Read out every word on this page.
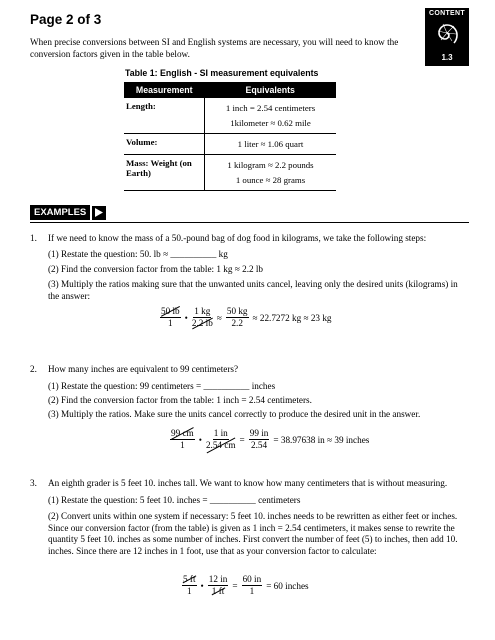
Page 2 of 3	CONTENT
1.3
When precise conversions between SI and English systems are necessary, you will need to know the conversion factors given in the table below.
Table 1: English - SI measurement equivalents
Measurement	Equivalents
Length:	1 inch = 2.54 centimeters
1kilometer ≈ 0.62 mile

Volume:	1 liter ≈ 1.06 quart

Mass: Weight (on Earth)	1 kilogram ≈ 2.2 pounds
1 ounce ≈ 28 grams
EXAMPLES
1. If we need to know the mass of a 50.-pound bag of dog food in kilograms, we take the following steps:
(1) Restate the question: 50. lb ≈ __________ kg
(2) Find the conversion factor from the table: 1 kg ≈ 2.2 lb
(3) Multiply the ratios making sure that the unwanted units cancel, leaving only the desired units (kilograms) in the answer:
$\frac{50 lb}{1}$ • $\frac{1 kg}{2.2 lb} \approx \frac{50 kg}{2.2} \approx 22.7272$ kg ≈ 23 kg
2. How many inches are equivalent to 99 centimeters?
(1) Restate the question: 99 centimeters = __________ inches
(2) Find the conversion factor from the table: 1 inch = 2.54 centimeters.
(3) Multiply the ratios. Make sure the units cancel correctly to produce the desired unit in the answer.
$\frac{99 cm}{1}$ • $\frac{1 in}{2.54 cm} = \frac{99 in}{2.54} = 38.97638$ in ≈ 39 inches
3. An eighth grader is 5 feet 10. inches tall. We want to know how many centimeters that is without measuring.
(1) Restate the question: 5 feet 10. inches = __________ centimeters
(2) Convert units within one system if necessary: 5 feet 10. inches needs to be rewritten as either feet or inches. Since our conversion factor (from the table) is given as 1 inch = 2.54 centimeters, it makes sense to rewrite the quantity 5 feet 10. inches as some number of inches. First convert the number of feet (5) to inches, then add 10. inches. Since there are 12 inches in 1 foot, use that as your conversion factor to calculate:
$\frac{5 ft}{1}$ • $\frac{12 in}{1 ft} = \frac{60 in}{1} = 60$ inches
